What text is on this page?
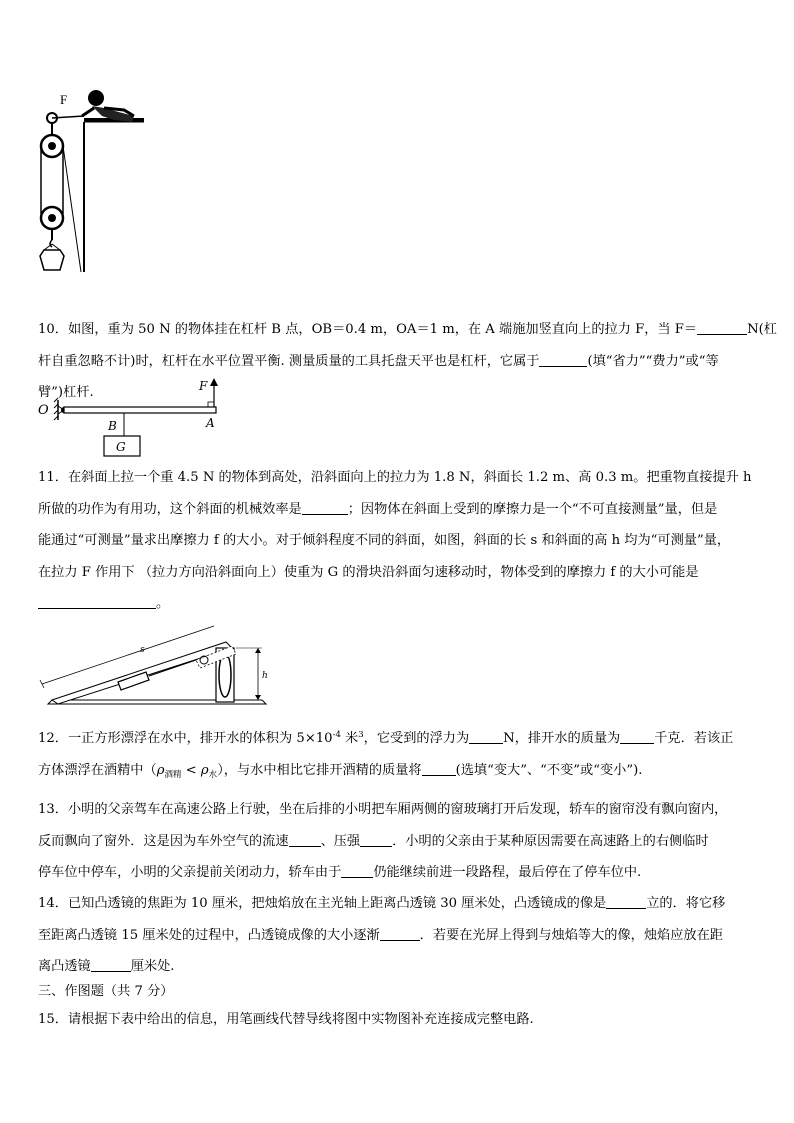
F
10．如图，重为 50 N 的物体挂在杠杆 B 点，OB＝0.4 m，OA＝1 m，在 A 端施加竖直向上的拉力 F，当 F＝	N(杠
杆自重忽略不计)时，杠杆在水平位置平衡. 测量质量的工具托盘天平也是杠杆，它属于	(填“省力”“费力”或“等
臂”)杠杆.
O
B	A
F
G
11．在斜面上拉一个重 4.5 N 的物体到高处，沿斜面向上的拉力为 1.8 N，斜面长 1.2 m、高 0.3 m。把重物直接提升 h
所做的功作为有用功，这个斜面的机械效率是	；因物体在斜面上受到的摩擦力是一个“不可直接测量”量，但是
能通过“可测量”量求出摩擦力 f 的大小。对于倾斜程度不同的斜面，如图，斜面的长 s 和斜面的高 h 均为“可测量”量，
在拉力 F 作用下 （拉力方向沿斜面向上）使重为 G 的滑块沿斜面匀速移动时，物体受到的摩擦力 f 的大小可能是
。
s
h
12．一正方形漂浮在水中，排开水的体积为 $5\times 10^{-4}$ 米$^3$，它受到的浮力为	N，排开水的质量为	千克．若该正
方体漂浮在酒精中$(\rho_{酒精} < \rho_水)$，与水中相比它排开酒精的质量将	(选填“变大”、“不变”或“变小”).
13．小明的父亲驾车在高速公路上行驶，坐在后排的小明把车厢两侧的窗玻璃打开后发现，轿车的窗帘没有飘向窗内，
反而飘向了窗外．这是因为车外空气的流速 、压强 ．小明的父亲由于某种原因需要在高速路上的右侧临时
停车位中停车，小明的父亲提前关闭动力，轿车由于 仍能继续前进一段路程，最后停在了停车位中.
14．已知凸透镜的焦距为 10 厘米，把烛焰放在主光轴上距离凸透镜 30 厘米处，凸透镜成的像是	立的．将它移
至距离凸透镜 15 厘米处的过程中，凸透镜成像的大小逐渐	．若要在光屏上得到与烛焰等大的像，烛焰应放在距
离凸透镜	厘米处.
三、作图题（共 7 分）
15．请根据下表中给出的信息，用笔画线代替导线将图中实物图补充连接成完整电路.
